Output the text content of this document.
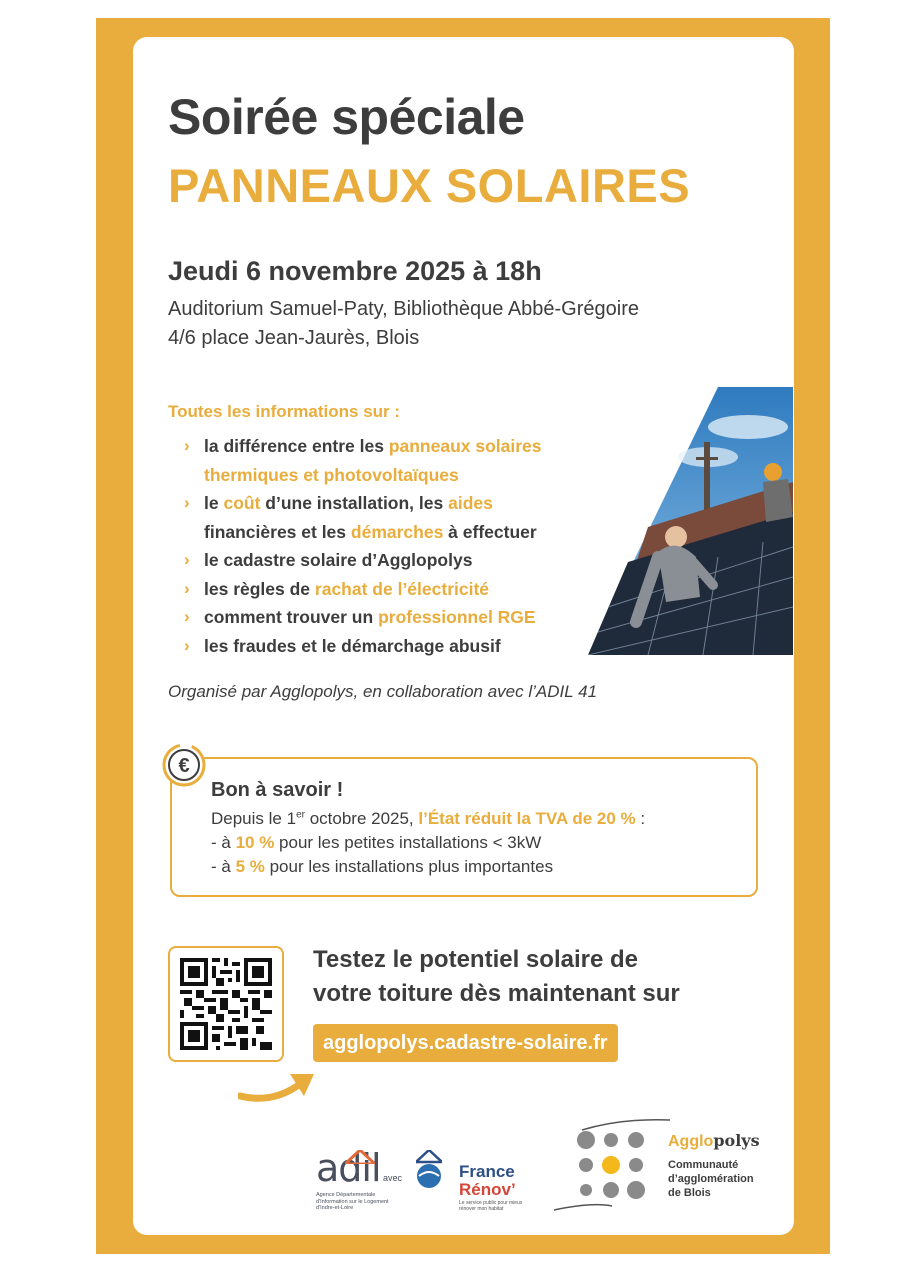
Soirée spéciale
PANNEAUX SOLAIRES
Jeudi 6 novembre 2025 à 18h
Auditorium Samuel-Paty, Bibliothèque Abbé-Grégoire
4/6 place Jean-Jaurès, Blois
Toutes les informations sur :
› la différence entre les panneaux solaires thermiques et photovoltaïques
› le coût d’une installation, les aides financières et les démarches à effectuer
› le cadastre solaire d’Agglopolys
› les règles de rachat de l’électricité
› comment trouver un professionnel RGE
› les fraudes et le démarchage abusif
Organisé par Agglopolys, en collaboration avec l’ADIL 41
€
Bon à savoir !
Depuis le 1er octobre 2025, l’État réduit la TVA de 20 % :
- à 10 % pour les petites installations < 3kW
- à 5 % pour les installations plus importantes
Testez le potentiel solaire de
votre toiture dès maintenant sur
agglopolys.cadastre-solaire.fr
adil
Agence Départementale d'Information sur le Logement d'Indre-et-Loire
avec	France
Rénov’
Le service public pour mieux rénover mon habitat
Agglopolys
Communauté
d’agglomération
de Blois
